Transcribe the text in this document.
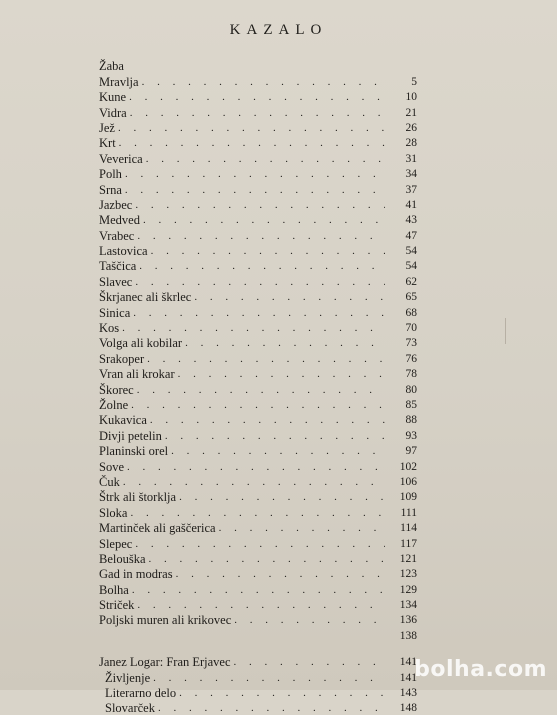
KAZALO
Žaba
Mravlja . . .	5
Kune . . .	10
Vidra . . .	21
Jež . . .	26
Krt . . .	28
Veverica . . .	31
Polh . . .	34
Srna . . .	37
Jazbec . . .	41
Medved . . .	43
Vrabec . . .	47
Lastovica . . .	54
Taščica . . .	54
Slavec . . .	62
Škrjanec ali škrlec . . .	65
Sinica . . .	68
Kos . . .	70
Volga ali kobilar . . .	73
Srakoper . . .	76
Vran ali krokar . . .	78
Škorec . . .	80
Žolne . . .	85
Kukavica . . .	88
Divji petelin . . .	93
Planinski orel . . .	97
Sove . . .	102
Čuk . . .	106
Štrk ali štorklja . . .	109
Sloka . . .	111
Martinček ali gaščerica . . .	114
Slepec . . .	117
Belouška . . .	121
Gad in modras . . .	123
Bolha . . .	129
Striček . . .	134
Poljski muren ali krikovec . . .	136
138
Janez Logar: Fran Erjavec . . .	141
Življenje . . .	141
Literarno delo . . .	143
Slovarček . . .	148
bolha.com
